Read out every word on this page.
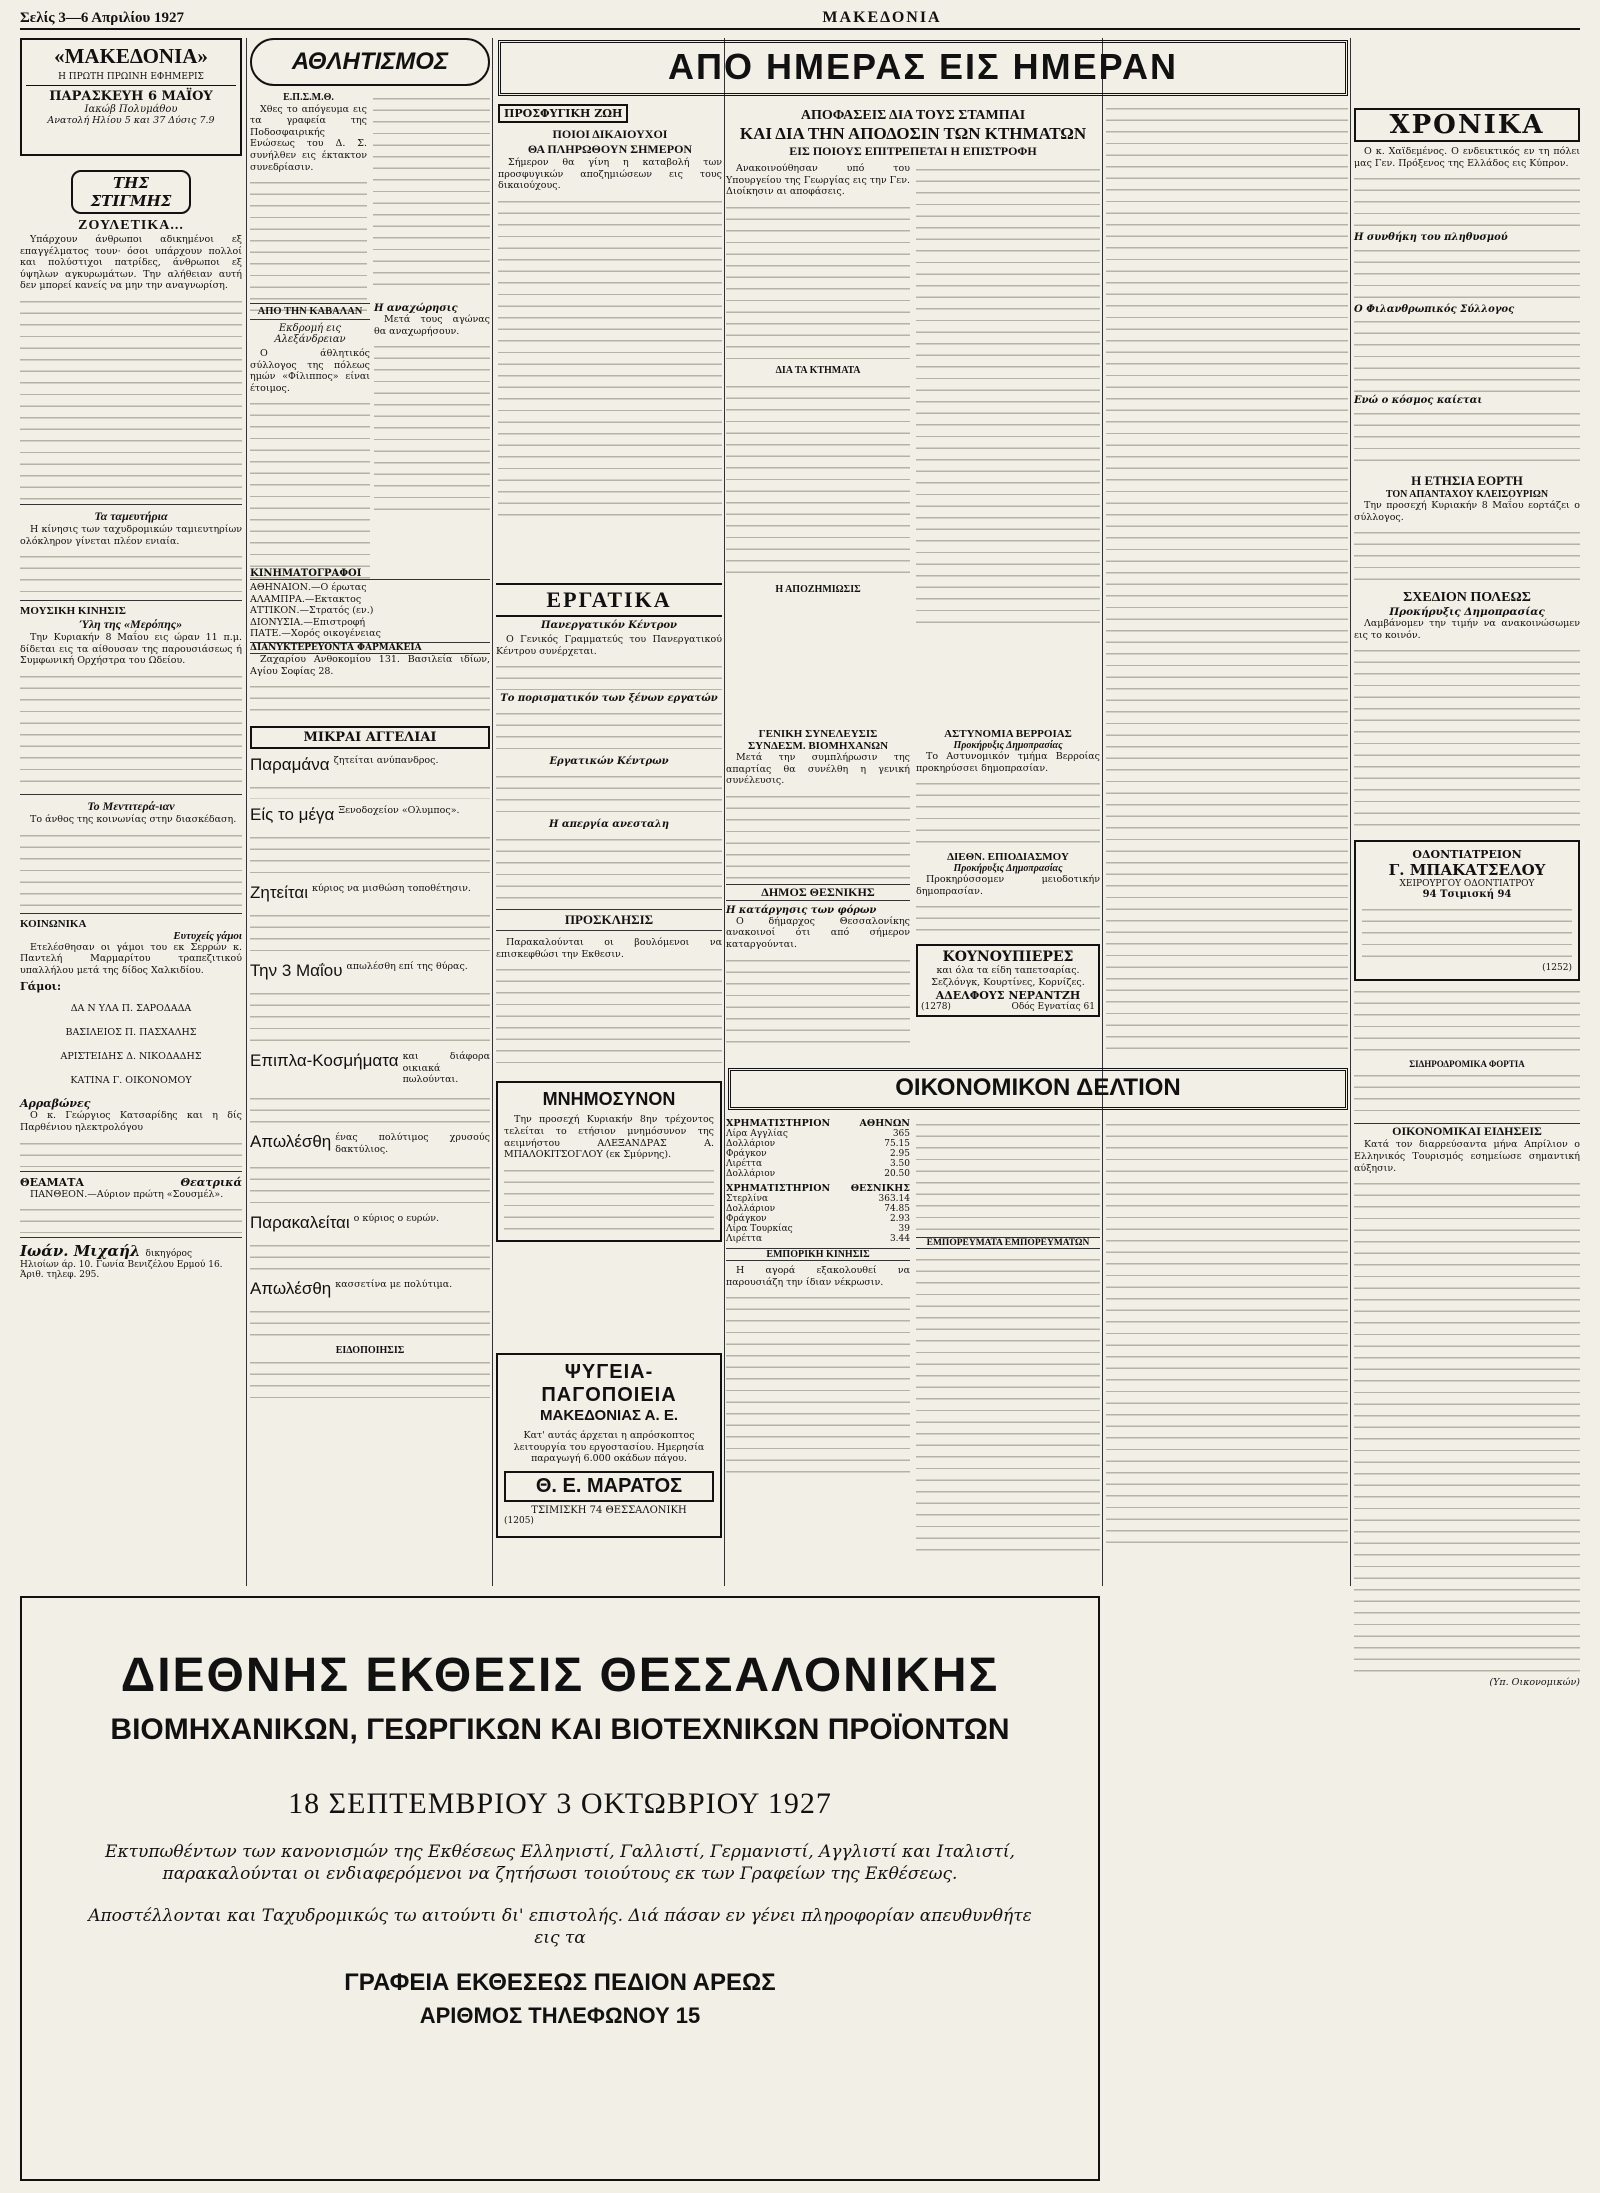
Σελίς 3—6 Απριλίου 1927	ΜΑΚΕΔΟΝΙΑ
«ΜΑΚΕΔΟΝΙΑ»
Η ΠΡΩΤΗ ΠΡΩΙΝΗ ΕΦΗΜΕΡΙΣ
ΠΑΡΑΣΚΕΥΗ 6 ΜΑΪΟΥ
Ιακώβ Πολυμάθου
Ανατολή Ηλίου 5 και 37 Δύσις 7.9
ΤΗΣ ΣΤΙΓΜΗΣ
ΖΟΥΛΕΤΙΚΑ...

Υπάρχουν άνθρωποι αδικημένοι εξ επαγγέλματος τουν· όσοι υπάρχουν πολλοί και πολύστιχοι πατρίδες, άνθρωποι εξ ύψηλων αγκυρωμάτων. Την αλήθειαν αυτή δεν μπορεί κανείς να μην την αναγνωρίση.

Τα ταμευτήρια

Η κίνησις των ταχυδρομικών ταμιευτηρίων ολόκληρον γίνεται πλέον ενιαία.

ΜΟΥΣΙΚΗ ΚΙΝΗΣΙΣ
Ύλη της «Μερόπης»

Την Κυριακήν 8 Μαΐου εις ώραν 11 π.μ. δίδεται εις τα αίθουσαν της παρουσιάσεως ή Συμφωνική Ορχήστρα του Ωδείου.

Το Μεντιτερά-ιαν

Το άνθος της κοινωνίας στην διασκέδαση.

ΚΟΙΝΩΝΙΚΑ
Ευτυχείς γάμοι

Ετελέσθησαν οι γάμοι του εκ Σερρών κ. Παντελή Μαρμαρίτου τραπεζιτικού υπαλλήλου μετά της δίδος Χαλκιδίου.

Γάμοι:
ΔΑ Ν ΥΛΑ Π. ΣΑΡΟΔΑΔΑ
ΒΑΣΙΛΕΙΟΣ Π. ΠΑΣΧΑΛΗΣ
ΑΡΙΣΤΕΙΔΗΣ Δ. ΝΙΚΟΔΑΔΗΣ
ΚΑΤΙΝΑ Γ. ΟΙΚΟΝΟΜΟΥ
Αρραβώνες

Ο κ. Γεώργιος Κατσαρίδης και η δίς Παρθένιου ηλεκτρολόγου

ΘΕΑΜΑΤΑ	Θεατρικά

ΠΑΝΘΕΟΝ.—Αύριον πρώτη «Σουσμέλ».

Ιωάν. Μιχαήλ δικηγόρος
Ηλιοίων άρ. 10. Γωνία Βενιζέλου Ερμού 16. Άριθ. τηλεφ. 295.
ΑΘΛΗΤΙΣΜΟΣ
Ε.Π.Σ.Μ.Θ.

Χθες το απόγευμα εις τα γραφεία της Ποδοσφαιρικής Ενώσεως του Δ. Σ. συνήλθεν εις έκτακτον συνεδρίασιν.

ΑΠΟ ΤΗΝ ΚΑΒΑΛΑΝ
Εκδρομή εις Αλεξάνδρειαν

Ο άθλητικός σύλλογος της πόλεως ημών «Φίλιππος» είναι έτοιμος.

Η αναχώρησις

Μετά τους αγώνας θα αναχωρήσουν.

ΚΙΝΗΜΑΤΟΓΡΑΦΟΙ
ΑΘΗΝΑΙΟΝ.—Ο έρωτας
ΑΛΑΜΠΡΑ.—Εκτακτος
ΑΤΤΙΚΟΝ.—Στρατός (εν.)
ΔΙΟΝΥΣΙΑ.—Επιστροφή
ΠΑΤΕ.—Χορός οικογένειας
ΔΙΑΝΥΚΤΕΡΕΥΟΝΤΑ ΦΑΡΜΑΚΕΙΑ

Ζαχαρίου Ανθοκομίου 131. Βασιλεία ιδίων, Αγίου Σοφίας 28.

ΜΙΚΡΑΙ ΑΓΓΕΛΙΑΙ
Παραμάνα ζητείται ανύπανδρος.
Είς το μέγα Ξενοδοχείον «Ολυμπος».
Ζητείται κύριος να μισθώση τοποθέτησιν.
Την 3 Μαΐου απωλέσθη επί της θύρας.
Επιπλα-Κοσμήματα και διάφορα οικιακά πωλούνται.
Απωλέσθη ένας πολύτιμος χρυσούς δακτύλιος.
Παρακαλείται ο κύριος ο ευρών.
Απωλέσθη κασσετίνα με πολύτιμα.
ΕΙΔΟΠΟΙΗΣΙΣ
ΕΡΓΑΤΙΚΑ
Πανεργατικόν Κέντρον

Ο Γενικός Γραμματεύς του Πανεργατικού Κέντρου συνέρχεται.

Το πορισματικόν των ξένων εργατών
Εργατικών Κέντρων
Η απεργία ανεσταλη
ΠΡΟΣΚΛΗΣΙΣ

Παρακαλούνται οι βουλόμενοι να επισκεφθώσι την Εκθεσιν.

ΜΝΗΜΟΣΥΝΟΝ

Την προσεχή Κυριακήν 8ην τρέχοντος τελείται το ετήσιον μνημόσυνον της αειμνήστου ΑΛΕΞΑΝΔΡΑΣ Α. ΜΠΑΛΟΚΙΤΣΟΓΛΟΥ (εκ Σμύρνης).

ΨΥΓΕΙΑ-ΠΑΓΟΠΟΙΕΙΑ
ΜΑΚΕΔΟΝΙΑΣ Α. Ε.
Κατ' αυτάς άρχεται η απρόσκοπτος λειτουργία του εργοστασίου. Ημερησία παραγωγή 6.000 οκάδων πάγου.
Θ. Ε. ΜΑΡΑΤΟΣ
ΤΣΙΜΙΣΚΗ 74 ΘΕΣΣΑΛΟΝΙΚΗ
(1205)
ΑΠΟ ΗΜΕΡΑΣ ΕΙΣ ΗΜΕΡΑΝ
ΠΡΟΣΦΥΓΙΚΗ ΖΩΗ
ΠΟΙΟΙ ΔΙΚΑΙΟΥΧΟΙ
ΘΑ ΠΛΗΡΩΘΟΥΝ ΣΗΜΕΡΟΝ

Σήμερον θα γίνη η καταβολή των προσφυγικών αποζημιώσεων εις τους δικαιούχους.

ΑΠΟΦΑΣΕΙΣ ΔΙΑ ΤΟΥΣ ΣΤΑΜΠΑΙ
ΚΑΙ ΔΙΑ ΤΗΝ ΑΠΟΔΟΣΙΝ ΤΩΝ ΚΤΗΜΑΤΩΝ
ΕΙΣ ΠΟΙΟΥΣ ΕΠΙΤΡΕΠΕΤΑΙ Η ΕΠΙΣΤΡΟΦΗ

Ανακοινούθησαν υπό του Υπουργείου της Γεωργίας εις την Γεν. Διοίκησιν αι αποφάσεις.

ΔΙΑ ΤΑ ΚΤΗΜΑΤΑ
Η ΑΠΟΖΗΜΙΩΣΙΣ
ΓΕΝΙΚΗ ΣΥΝΕΛΕΥΣΙΣ
ΣΥΝΔΕΣΜ. ΒΙΟΜΗΧΑΝΩΝ

Μετά την συμπλήρωσιν της απαρτίας θα συνέλθη η γενική συνέλευσις.

ΔΗΜΟΣ ΘΕΣΝΙΚΗΣ
Η κατάργησις των φόρων

Ο δήμαρχος Θεσσαλονίκης ανακοινοί ότι από σήμερον καταργούνται.

ΑΣΤΥΝΟΜΙΑ ΒΕΡΡΟΙΑΣ
Προκήρυξις Δημοπρασίας

Το Αστυνομικόν τμήμα Βερροίας προκηρύσσει δημοπρασίαν.

ΔΙΕΘΝ. ΕΠΙΟΔΙΑΣΜΟΥ
Προκήρυξις Δημοπρασίας

Προκηρύσσομεν μειοδοτικήν δημοπρασίαν.

ΚΟΥΝΟΥΠΙΕΡΕΣ
και όλα τα είδη ταπετσαρίας. Σεζλόνγκ, Κουρτίνες, Κορνίζες.
ΑΔΕΛΦΟΥΣ ΝΕΡΑΝΤΖΗ
(1278)	Οδός Εγνατίας 61
ΟΙΚΟΝΟΜΙΚΟΝ ΔΕΛΤΙΟΝ
ΧΡΗΜΑΤΙΣΤΗΡΙΟΝ	ΑΘΗΝΩΝ
Λίρα Αγγλίας	365
Δολλάριον	75.15
Φράγκον	2.95
Λιρέττα	3.50
Δολλάριον	20.50
ΧΡΗΜΑΤΙΣΤΗΡΙΟΝ ΘΕΣΝΙΚΗΣ
Στερλίνα	363.14
Δολλάριον	74.85
Φράγκον	2.93
Λίρα Τουρκίας	39
Λιρέττα	3.44
ΕΜΠΟΡΙΚΗ ΚΙΝΗΣΙΣ

Η αγορά εξακολουθεί να παρουσιάζη την ίδιαν νέκρωσιν.

ΕΜΠΟΡΕΥΜΑΤΑ ΕΜΠΟΡΕΥΜΑΤΩΝ
ΧΡΟΝΙΚΑ

Ο κ. Χαϊδεμένος. Ο ενδεικτικός εν τη πόλει μας Γεν. Πρόξενος της Ελλάδος εις Κύπρον.

Η συνθήκη του πληθυσμού
Ο Φιλανθρωπικός Σύλλογος
Ενώ ο κόσμος καίεται
Η ΕΤΗΣΙΑ ΕΟΡΤΗ
ΤΟΝ ΑΠΑΝΤΑΧΟΥ ΚΛΕΙΣΟΥΡΙΩΝ

Την προσεχή Κυριακήν 8 Μαΐου εορτάζει ο σύλλογος.

ΣΧΕΔΙΟΝ ΠΟΛΕΩΣ
Προκήρυξις Δημοπρασίας

Λαμβάνομεν την τιμήν να ανακοινώσωμεν εις το κοινόν.

ΟΔΟΝΤΙΑΤΡΕΙΟΝ
Γ. ΜΠΑΚΑΤΣΕΛΟΥ
ΧΕΙΡΟΥΡΓΟΥ ΟΔΟΝΤΙΑΤΡΟΥ
94 Τσιμισκή 94
(1252)
ΣΙΔΗΡΟΔΡΟΜΙΚΑ ΦΟΡΤΙΑ
ΟΙΚΟΝΟΜΙΚΑΙ ΕΙΔΗΣΕΙΣ

Κατά τον διαρρεύσαντα μήνα Απρίλιον ο Ελληνικός Τουρισμός εσημείωσε σημαντική αύξησιν.

(Υπ. Οικονομικών)
ΔΙΕΘΝΗΣ ΕΚΘΕΣΙΣ ΘΕΣΣΑΛΟΝΙΚΗΣ
ΒΙΟΜΗΧΑΝΙΚΩΝ, ΓΕΩΡΓΙΚΩΝ ΚΑΙ ΒΙΟΤΕΧΝΙΚΩΝ ΠΡΟΪΟΝΤΩΝ
18 ΣΕΠΤΕΜΒΡΙΟΥ 3 ΟΚΤΩΒΡΙΟΥ 1927
Εκτυπωθέντων των κανονισμών της Εκθέσεως Ελληνιστί, Γαλλιστί, Γερμανιστί, Αγγλιστί και Ιταλιστί, παρακαλούνται οι ενδιαφερόμενοι να ζητήσωσι τοιούτους εκ των Γραφείων της Εκθέσεως.
Αποστέλλονται και Ταχυδρομικώς τω αιτούντι δι' επιστολής. Διά πάσαν εν γένει πληροφορίαν απευθυνθήτε εις τα
ΓΡΑΦΕΙΑ ΕΚΘΕΣΕΩΣ ΠΕΔΙΟΝ ΑΡΕΩΣ
ΑΡΙΘΜΟΣ ΤΗΛΕΦΩΝΟΥ 15
